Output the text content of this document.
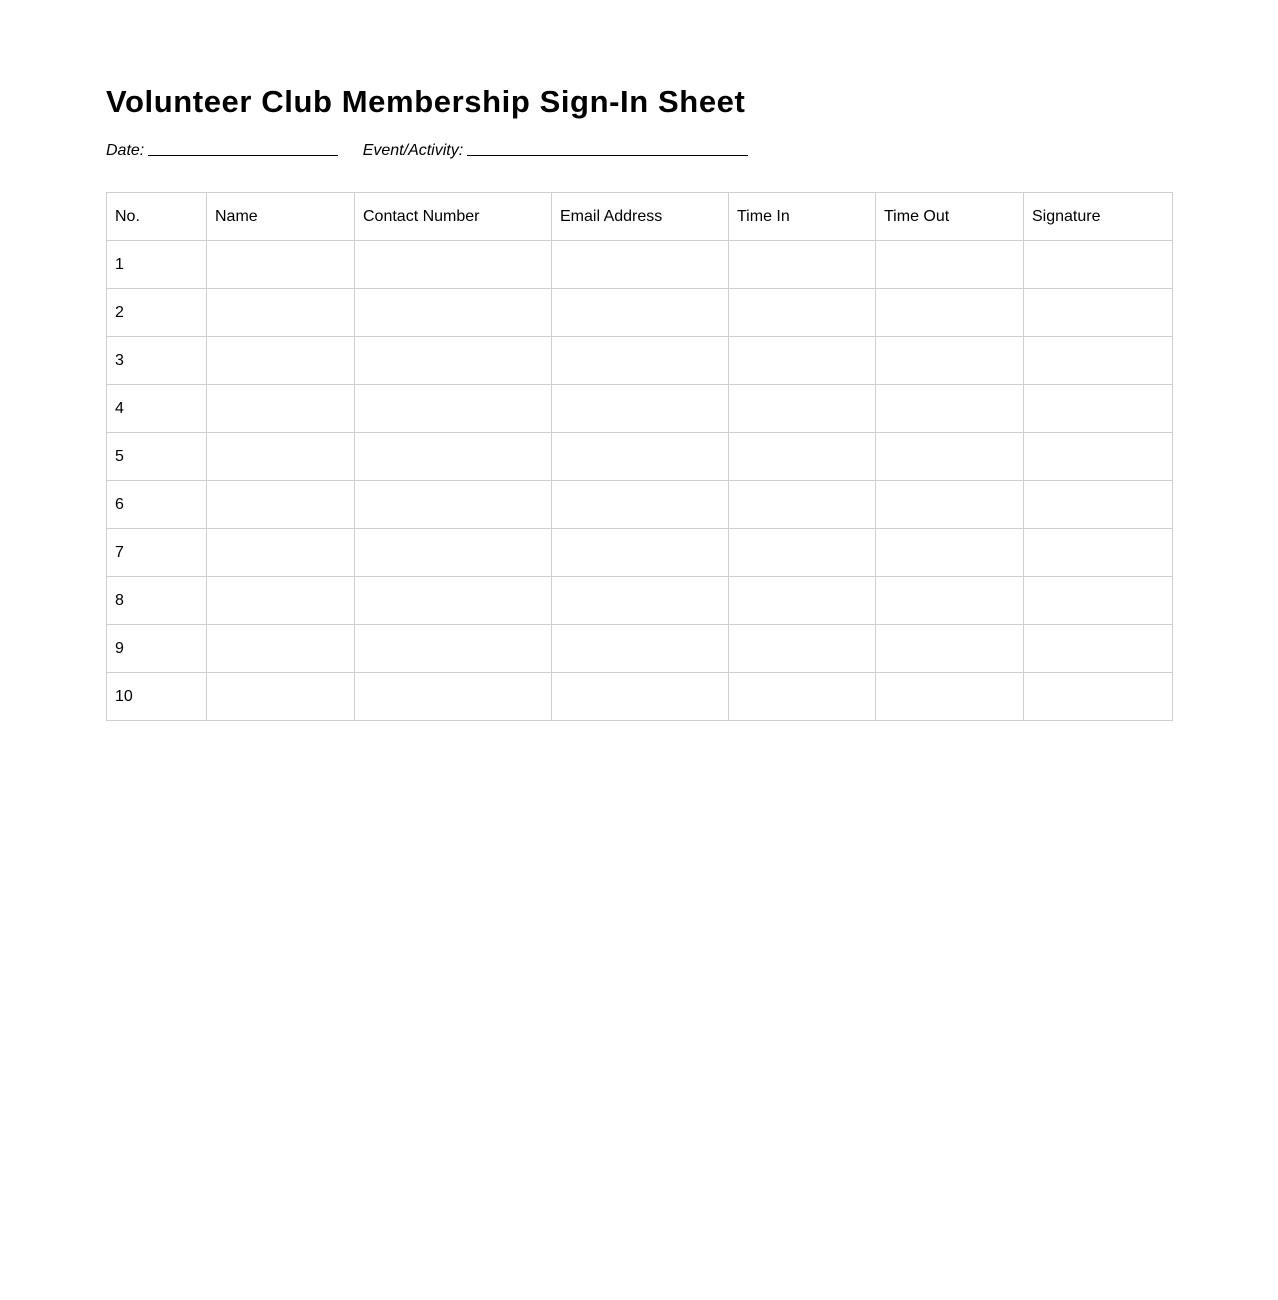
Volunteer Club Membership Sign-In Sheet
Date:	Event/Activity:
No.	Name	Contact Number	Email Address	Time In	Time Out	Signature
1						
2						
3						
4						
5						
6						
7						
8						
9						
10						
